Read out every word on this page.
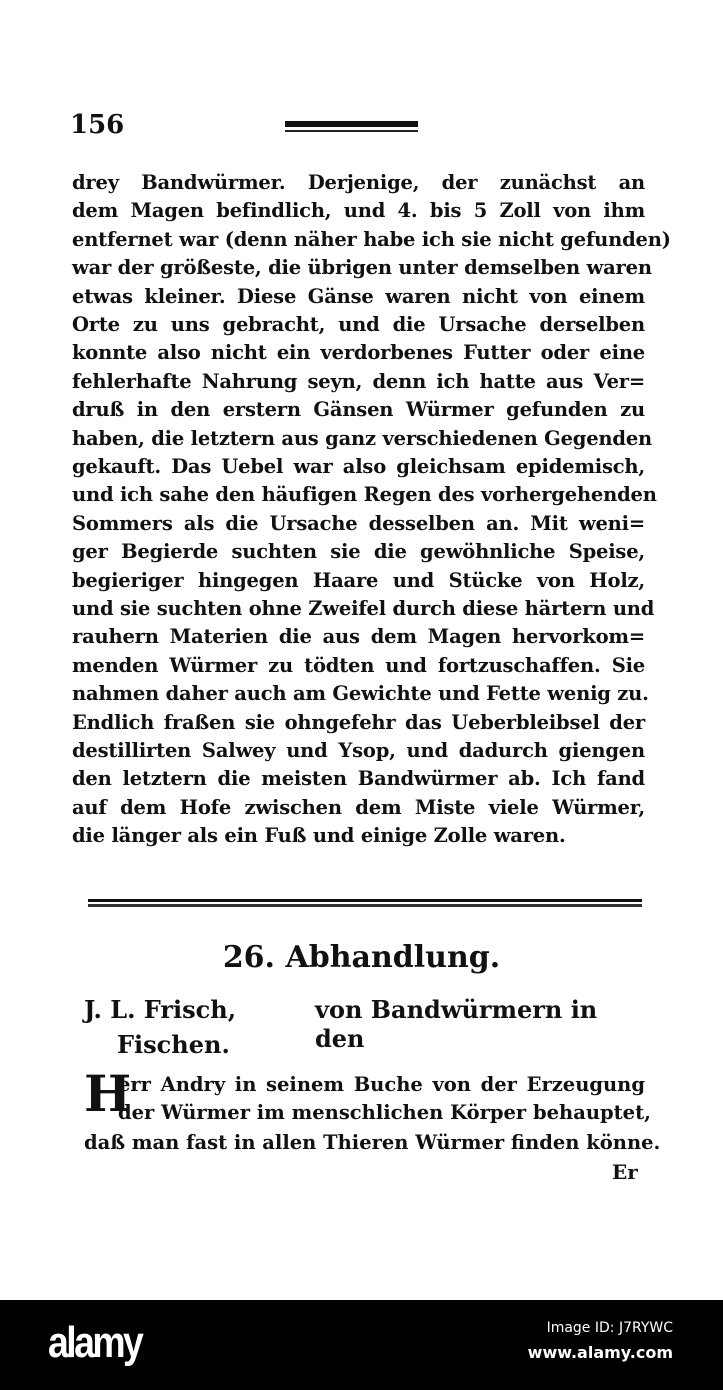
156
drey Bandwürmer. Derjenige, der zunächst an
dem Magen befindlich, und 4. bis 5 Zoll von ihm
entfernet war (denn näher habe ich sie nicht gefunden)
war der größeste, die übrigen unter demselben waren
etwas kleiner. Diese Gänse waren nicht von einem
Orte zu uns gebracht, und die Ursache derselben
konnte also nicht ein verdorbenes Futter oder eine
fehlerhafte Nahrung seyn, denn ich hatte aus Ver=
druß in den erstern Gänsen Würmer gefunden zu
haben, die letztern aus ganz verschiedenen Gegenden
gekauft. Das Uebel war also gleichsam epidemisch,
und ich sahe den häufigen Regen des vorhergehenden
Sommers als die Ursache desselben an. Mit weni=
ger Begierde suchten sie die gewöhnliche Speise,
begieriger hingegen Haare und Stücke von Holz,
und sie suchten ohne Zweifel durch diese härtern und
rauhern Materien die aus dem Magen hervorkom=
menden Würmer zu tödten und fortzuschaffen. Sie
nahmen daher auch am Gewichte und Fette wenig zu.
Endlich fraßen sie ohngefehr das Ueberbleibsel der
destillirten Salwey und Ysop, und dadurch giengen
den letztern die meisten Bandwürmer ab. Ich fand
auf dem Hofe zwischen dem Miste viele Würmer,
die länger als ein Fuß und einige Zolle waren.
26. Abhandlung.
J. L. Frisch,	von Bandwürmern in den
Fischen.
H
err Andry in seinem Buche von der Erzeugung
der Würmer im menschlichen Körper behauptet,
daß man fast in allen Thieren Würmer finden könne.
Er
alamy	Image ID: J7RYWC
www.alamy.com
